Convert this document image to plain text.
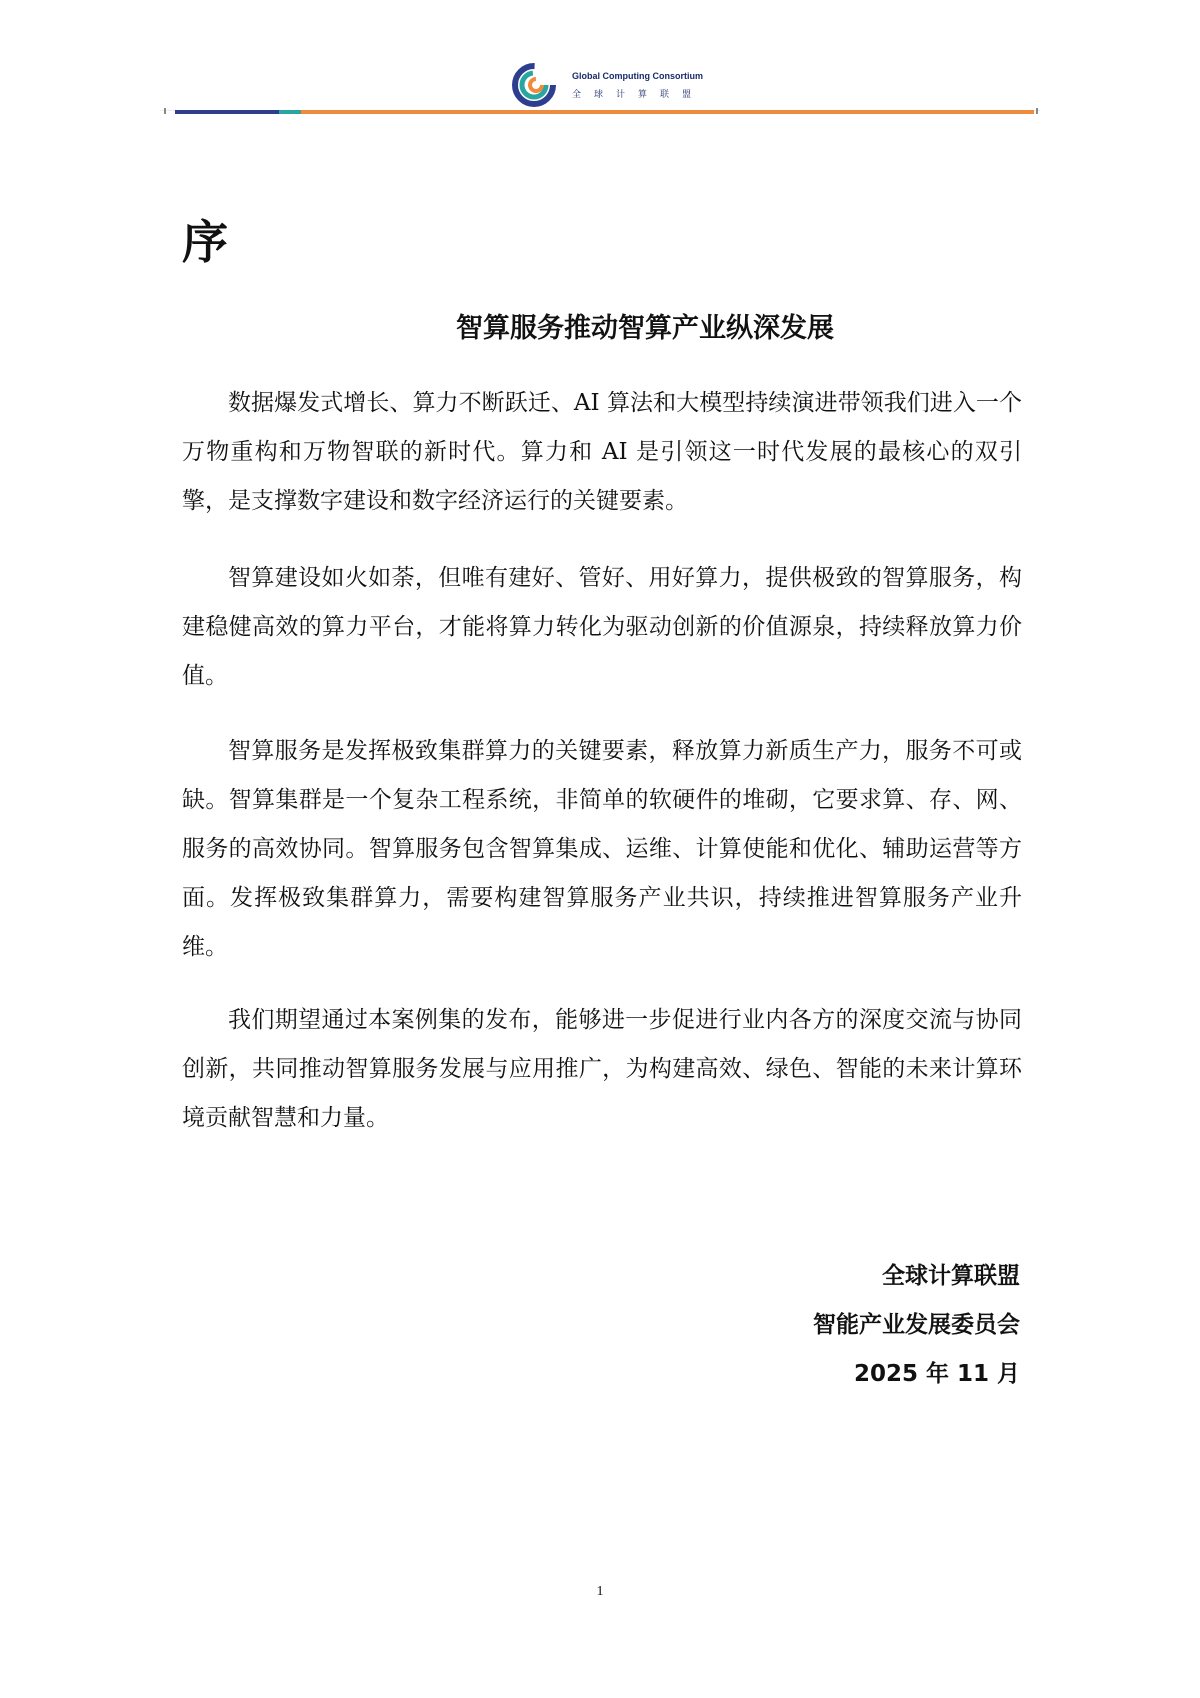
Global Computing Consortium
全球计算联盟
序
智算服务推动智算产业纵深发展

数据爆发式增长、算力不断跃迁、AI 算法和大模型持续演进带领我们进入一个万物重构和万物智联的新时代。算力和 AI 是引领这一时代发展的最核心的双引擎，是支撑数字建设和数字经济运行的关键要素。

智算建设如火如荼，但唯有建好、管好、用好算力，提供极致的智算服务，构建稳健高效的算力平台，才能将算力转化为驱动创新的价值源泉，持续释放算力价值。

智算服务是发挥极致集群算力的关键要素，释放算力新质生产力，服务不可或缺。智算集群是一个复杂工程系统，非简单的软硬件的堆砌，它要求算、存、网、服务的高效协同。智算服务包含智算集成、运维、计算使能和优化、辅助运营等方面。发挥极致集群算力，需要构建智算服务产业共识，持续推进智算服务产业升维。

我们期望通过本案例集的发布，能够进一步促进行业内各方的深度交流与协同创新，共同推动智算服务发展与应用推广，为构建高效、绿色、智能的未来计算环境贡献智慧和力量。

全球计算联盟
智能产业发展委员会
2025 年 11 月
1
